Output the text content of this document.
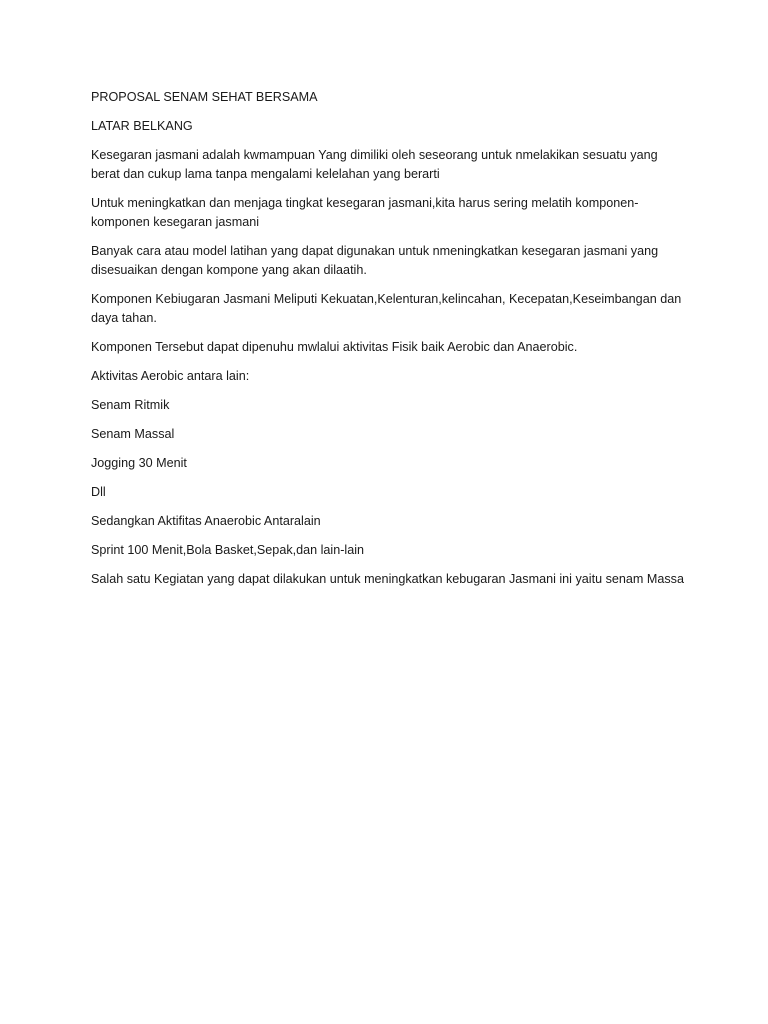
PROPOSAL SENAM SEHAT BERSAMA

LATAR BELKANG

Kesegaran jasmani adalah kwmampuan Yang dimiliki oleh seseorang untuk nmelakikan sesuatu yang
berat dan cukup lama tanpa mengalami kelelahan yang berarti

Untuk meningkatkan dan menjaga tingkat kesegaran jasmani,kita harus sering melatih komponen-
komponen kesegaran jasmani

Banyak cara atau model latihan yang dapat digunakan untuk nmeningkatkan kesegaran jasmani yang
disesuaikan dengan kompone yang akan dilaatih.

Komponen Kebiugaran Jasmani Meliputi Kekuatan,Kelenturan,kelincahan, Kecepatan,Keseimbangan dan
daya tahan.

Komponen Tersebut dapat dipenuhu mwlalui aktivitas Fisik baik Aerobic dan Anaerobic.

Aktivitas Aerobic antara lain:

Senam Ritmik

Senam Massal

Jogging 30 Menit

Dll

Sedangkan Aktifitas Anaerobic Antaralain

Sprint 100 Menit,Bola Basket,Sepak,dan lain-lain

Salah satu Kegiatan yang dapat dilakukan untuk meningkatkan kebugaran Jasmani ini yaitu senam Massa
